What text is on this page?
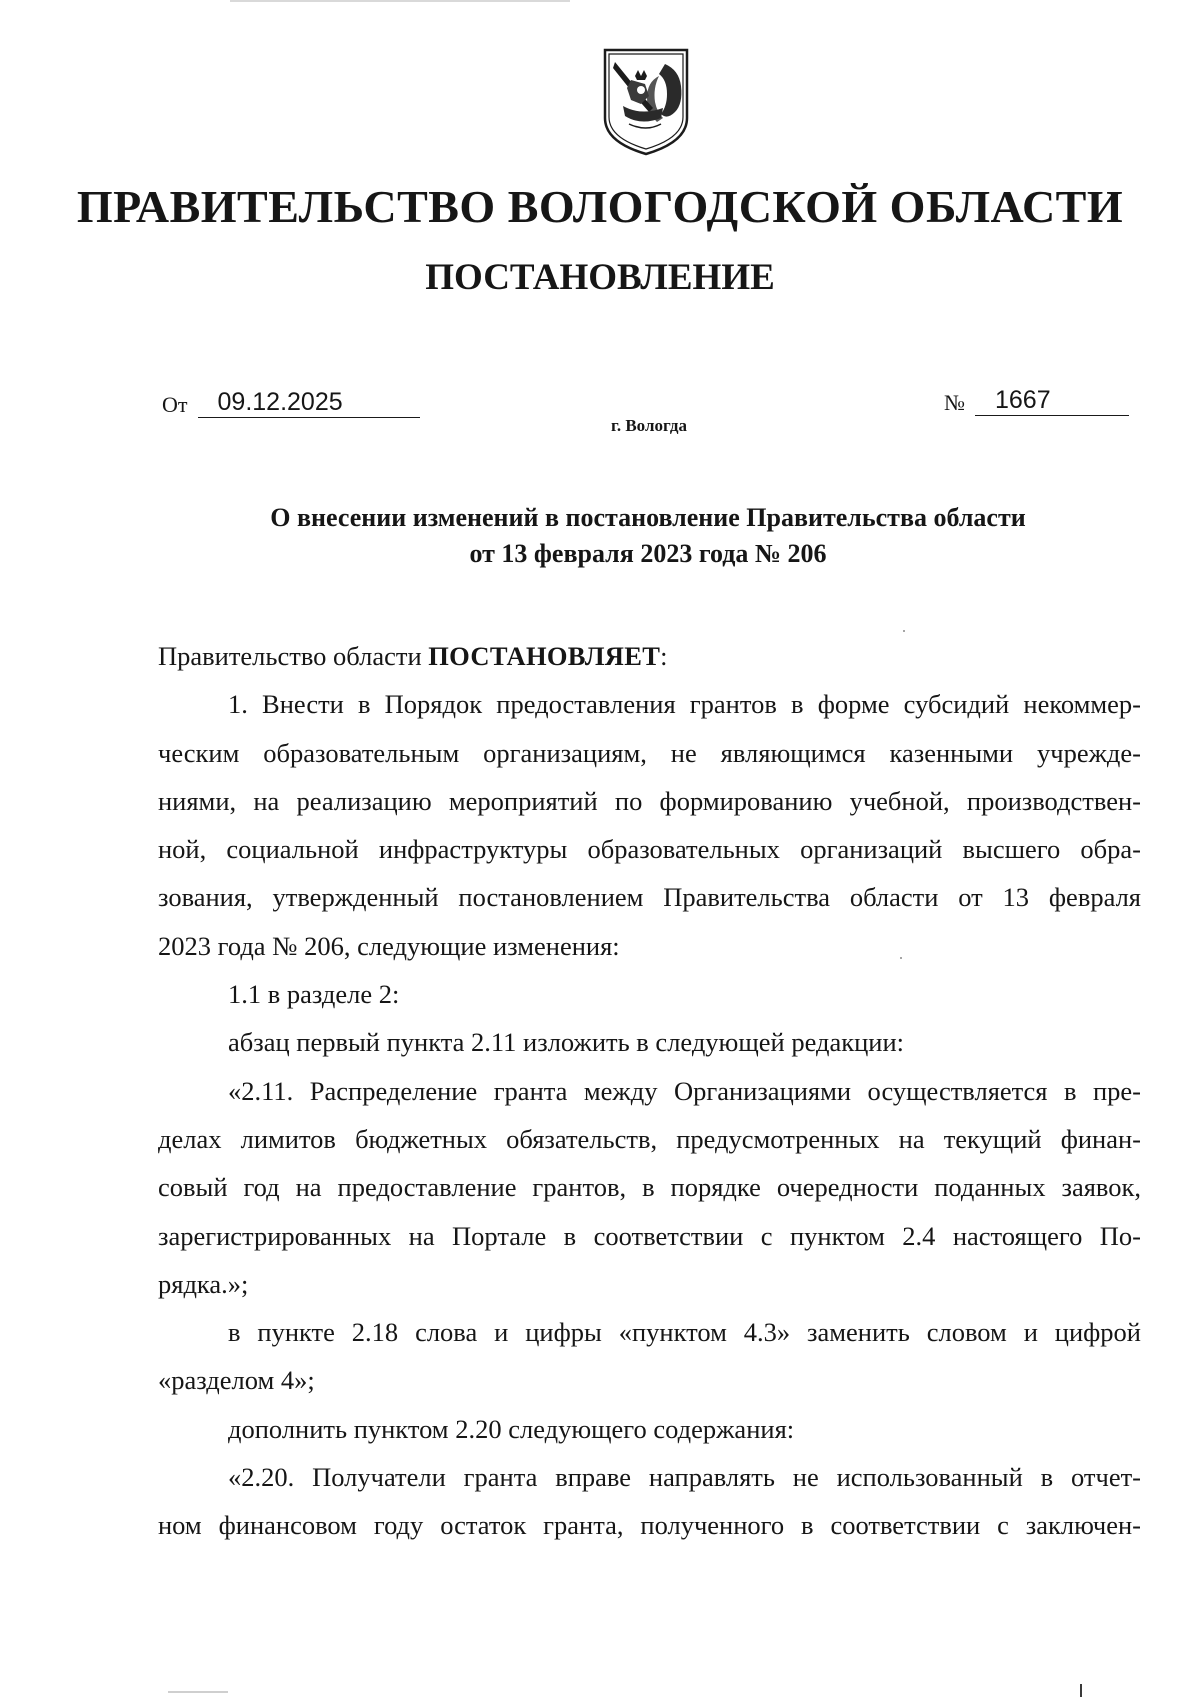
ПРАВИТЕЛЬСТВО ВОЛОГОДСКОЙ ОБЛАСТИ
ПОСТАНОВЛЕНИЕ
От	09.12.2025	№	1667
г. Вологда
О внесении изменений в постановление Правительства области
от 13 февраля 2023 года № 206

Правительство области ПОСТАНОВЛЯЕТ:

1. Внести в Порядок предоставления грантов в форме субсидий некоммер-
ческим образовательным организациям, не являющимся казенными учрежде-
ниями, на реализацию мероприятий по формированию учебной, производствен-
ной, социальной инфраструктуры образовательных организаций высшего обра-
зования, утвержденный постановлением Правительства области от 13 февраля
2023 года № 206, следующие изменения:
1.1 в разделе 2:
абзац первый пункта 2.11 изложить в следующей редакции:
«2.11. Распределение гранта между Организациями осуществляется в пре-
делах лимитов бюджетных обязательств, предусмотренных на текущий финан-
совый год на предоставление грантов, в порядке очередности поданных заявок,
зарегистрированных на Портале в соответствии с пунктом 2.4 настоящего По-
рядка.»;
в пункте 2.18 слова и цифры «пунктом 4.3» заменить словом и цифрой
«разделом 4»;
дополнить пунктом 2.20 следующего содержания:
«2.20. Получатели гранта вправе направлять не использованный в отчет-
ном финансовом году остаток гранта, полученного в соответствии с заключен-
